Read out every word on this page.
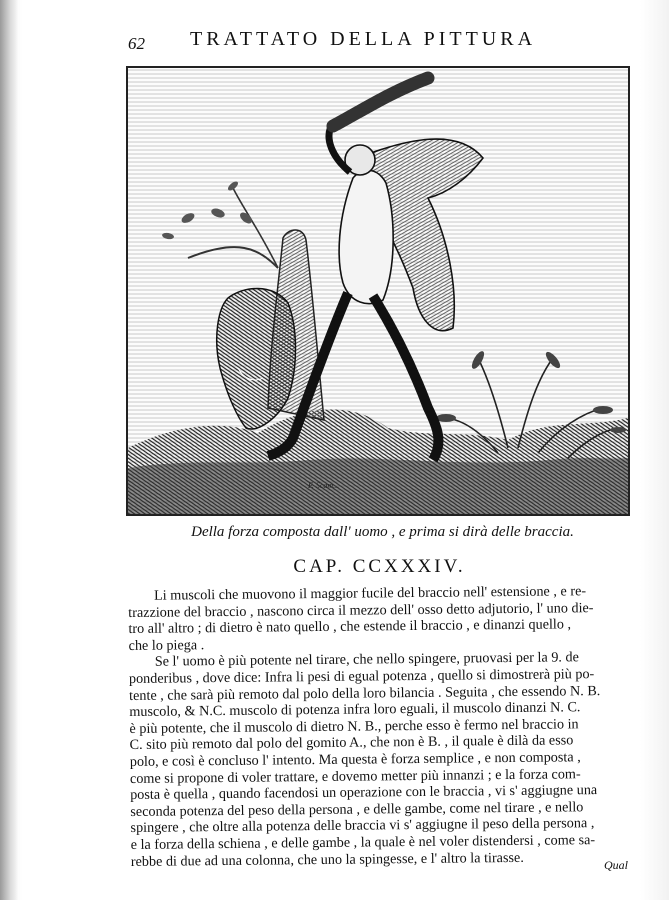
62 TRATTATO DELLA PITTURA
F. Scam...
Della forza composta dall' uomo , e prima si dirà delle braccia.
CAP. CCXXXIV.
Li muscoli che muovono il maggior fucile del braccio nell' estensione , e re-
trazzione del braccio , nascono circa il mezzo dell' osso detto adjutorio, l' uno die-
tro all' altro ; di dietro è nato quello , che estende il braccio , e dinanzi quello ,
che lo piega .
Se l' uomo è più potente nel tirare, che nello spingere, pruovasi per la 9. de
ponderibus , dove dice: Infra li pesi di egual potenza , quello si dimostrerà più po-
tente , che sarà più remoto dal polo della loro bilancia . Seguita , che essendo N. B.
muscolo, & N.C. muscolo di potenza infra loro eguali, il muscolo dinanzi N. C.
è più potente, che il muscolo di dietro N. B., perche esso è fermo nel braccio in
C. sito più remoto dal polo del gomito A., che non è B. , il quale è dilà da esso
polo, e così è concluso l' intento. Ma questa è forza semplice , e non composta ,
come si propone di voler trattare, e dovemo metter più innanzi ; e la forza com-
posta è quella , quando facendosi un operazione con le braccia , vi s' aggiugne una
seconda potenza del peso della persona , e delle gambe, come nel tirare , e nello
spingere , che oltre alla potenza delle braccia vi s' aggiugne il peso della persona ,
e la forza della schiena , e delle gambe , la quale è nel voler distendersi , come sa-
rebbe di due ad una colonna, che uno la spingesse, e l' altro la tirasse.	Qual
